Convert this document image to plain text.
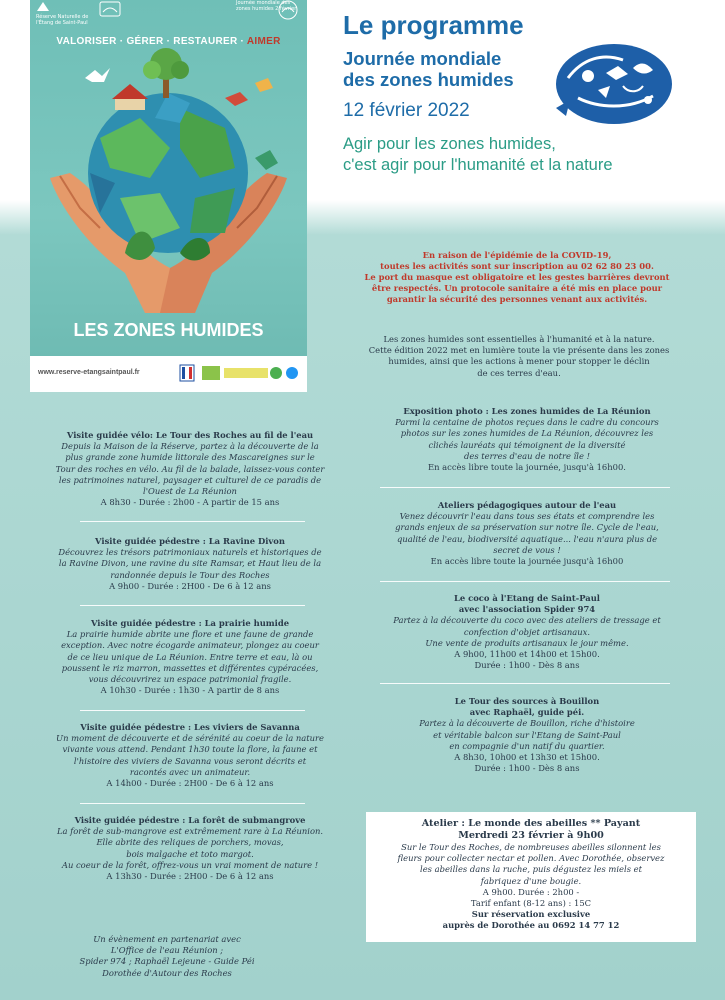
Réserve Naturelle de l'Étang de Saint-Paul
Journée mondiale des zones humides 2 février
VALORISER · GÉRER · RESTAURER · AIMER
LES ZONES HUMIDES
www.reserve-etangsaintpaul.fr
Le programme
Journée mondiale
des zones humides
12 février 2022
Agir pour les zones humides,
c'est agir pour l'humanité et la nature
En raison de l'épidémie de la COVID-19,
toutes les activités sont sur inscription au 02 62 80 23 00.
Le port du masque est obligatoire et les gestes barrières devront
être respectés. Un protocole sanitaire a été mis en place pour
garantir la sécurité des personnes venant aux activités.
Les zones humides sont essentielles à l'humanité et à la nature.
Cette édition 2022 met en lumière toute la vie présente dans les zones
humides, ainsi que les actions à mener pour stopper le déclin
de ces terres d'eau.
Visite guidée vélo: Le Tour des Roches au fil de l'eau
Depuis la Maison de la Réserve, partez à la découverte de la
plus grande zone humide littorale des Mascareignes sur le
Tour des roches en vélo. Au fil de la balade, laissez-vous conter
les patrimoines naturel, paysager et culturel de ce paradis de
l'Ouest de La Réunion
A 8h30 - Durée : 2h00 - A partir de 15 ans
Visite guidée pédestre : La Ravine Divon
Découvrez les trésors patrimoniaux naturels et historiques de
la Ravine Divon, une ravine du site Ramsar, et Haut lieu de la
randonnée depuis le Tour des Roches
A 9h00 - Durée : 2H00 - De 6 à 12 ans
Visite guidée pédestre : La prairie humide
La prairie humide abrite une flore et une faune de grande
exception. Avec notre écogarde animateur, plongez au coeur
de ce lieu unique de La Réunion. Entre terre et eau, là ou
poussent le riz marron, massettes et différentes cypéracées,
vous découvrirez un espace patrimonial fragile.
A 10h30 - Durée : 1h30 - A partir de 8 ans
Visite guidée pédestre : Les viviers de Savanna
Un moment de découverte et de sérénité au coeur de la nature
vivante vous attend. Pendant 1h30 toute la flore, la faune et
l'histoire des viviers de Savanna vous seront décrits et
racontés avec un animateur.
A 14h00 - Durée : 2H00 - De 6 à 12 ans
Visite guidée pédestre : La forêt de submangrove
La forêt de sub-mangrove est extrêmement rare à La Réunion.
Elle abrite des reliques de porchers, movas,
bois malgache et toto margot.
Au coeur de la forêt, offrez-vous un vrai moment de nature !
A 13h30 - Durée : 2H00 - De 6 à 12 ans
Exposition photo : Les zones humides de La Réunion
Parmi la centaine de photos reçues dans le cadre du concours
photos sur les zones humides de La Réunion, découvrez les
clichés lauréats qui témoignent de la diversité
des terres d'eau de notre île !
En accès libre toute la journée, jusqu'à 16h00.
Ateliers pédagogiques autour de l'eau
Venez découvrir l'eau dans tous ses états et comprendre les
grands enjeux de sa préservation sur notre île. Cycle de l'eau,
qualité de l'eau, biodiversité aquatique... l'eau n'aura plus de
secret de vous !
En accès libre toute la journée jusqu'à 16h00
Le coco à l'Etang de Saint-Paul
avec l'association Spider 974
Partez à la découverte du coco avec des ateliers de tressage et
confection d'objet artisanaux.
Une vente de produits artisanaux le jour même.
A 9h00, 11h00 et 14h00 et 15h00.
Durée : 1h00 - Dès 8 ans
Le Tour des sources à Bouillon
avec Raphaël, guide péi.
Partez à la découverte de Bouillon, riche d'histoire
et véritable balcon sur l'Etang de Saint-Paul
en compagnie d'un natif du quartier.
A 8h30, 10h00 et 13h30 et 15h00.
Durée : 1h00 - Dès 8 ans
Atelier : Le monde des abeilles ** Payant
Merdredi 23 février à 9h00
Sur le Tour des Roches, de nombreuses abeilles silonnent les
fleurs pour collecter nectar et pollen. Avec Dorothée, observez
les abeilles dans la ruche, puis dégustez les miels et
fabriquez d'une bougie.
A 9h00. Durée : 2h00 -
Tarif enfant (8-12 ans) : 15C
Sur réservation exclusive
auprès de Dorothée au 0692 14 77 12
Un évènement en partenariat avec
L'Office de l'eau Réunion ;
Spider 974 ; Raphaël Lejeune - Guide Péi
Dorothée d'Autour des Roches
